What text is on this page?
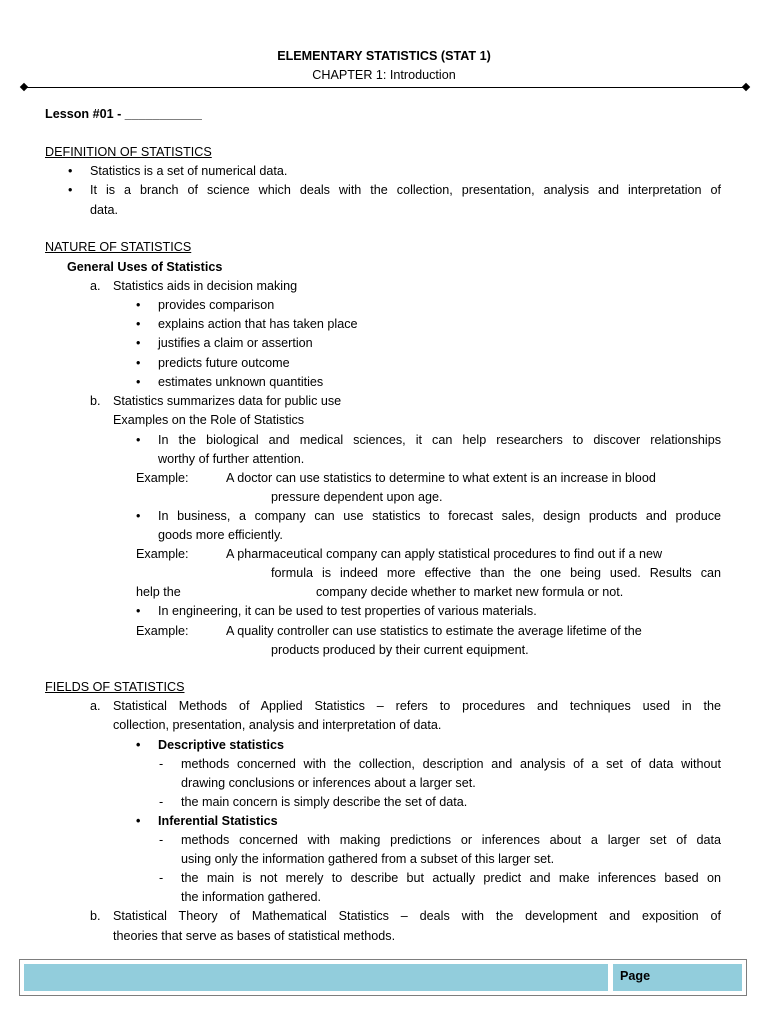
ELEMENTARY STATISTICS (STAT 1)
CHAPTER 1: Introduction
Lesson #01 - ___________
DEFINITION OF STATISTICS
• Statistics is a set of numerical data.
• It is a branch of science which deals with the collection, presentation, analysis and interpretation of
data.
NATURE OF STATISTICS
General Uses of Statistics
a. Statistics aids in decision making
• provides comparison
• explains action that has taken place
• justifies a claim or assertion
• predicts future outcome
• estimates unknown quantities
b. Statistics summarizes data for public use
Examples on the Role of Statistics
• In the biological and medical sciences, it can help researchers to discover relationships
worthy of further attention.
Example:	A doctor can use statistics to determine to what extent is an increase in blood
pressure dependent upon age.
• In business, a company can use statistics to forecast sales, design products and produce
goods more efficiently.
Example:	A pharmaceutical company can apply statistical procedures to find out if a new
formula is indeed more effective than the one being used. Results can
help the	company decide whether to market new formula or not.
• In engineering, it can be used to test properties of various materials.
Example:	A quality controller can use statistics to estimate the average lifetime of the
products produced by their current equipment.
FIELDS OF STATISTICS
a. Statistical Methods of Applied Statistics – refers to procedures and techniques used in the
collection, presentation, analysis and interpretation of data.
• Descriptive statistics
- methods concerned with the collection, description and analysis of a set of data without
drawing conclusions or inferences about a larger set.
- the main concern is simply describe the set of data.
• Inferential Statistics
- methods concerned with making predictions or inferences about a larger set of data
using only the information gathered from a subset of this larger set.
- the main is not merely to describe but actually predict and make inferences based on
the information gathered.
b. Statistical Theory of Mathematical Statistics – deals with the development and exposition of
theories that serve as bases of statistical methods.
Page
